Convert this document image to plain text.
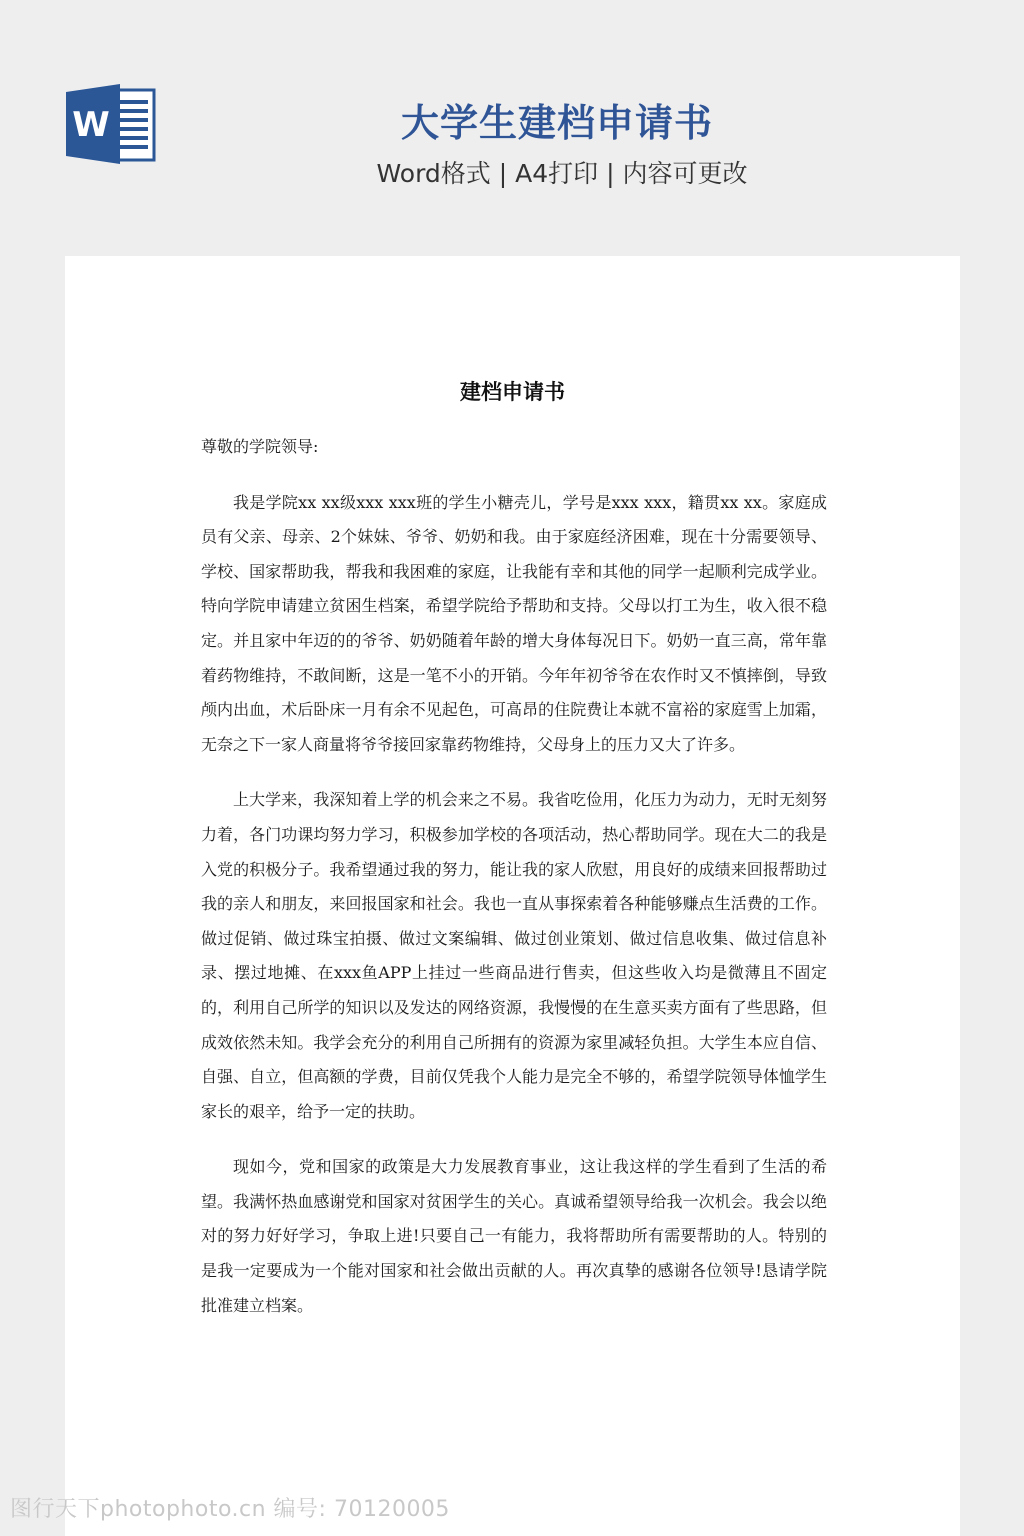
W	大学生建档申请书
Word格式 | A4打印 | 内容可更改
建档申请书

尊敬的学院领导:

我是学院xx xx级xxx xxx班的学生小糖壳儿，学号是xxx xxx，籍贯xx xx。家庭成员有父亲、母亲、2个妹妹、爷爷、奶奶和我。由于家庭经济困难，现在十分需要领导、学校、国家帮助我，帮我和我困难的家庭，让我能有幸和其他的同学一起顺利完成学业。特向学院申请建立贫困生档案，希望学院给予帮助和支持。父母以打工为生，收入很不稳定。并且家中年迈的的爷爷、奶奶随着年龄的增大身体每况日下。奶奶一直三高，常年靠着药物维持，不敢间断，这是一笔不小的开销。今年年初爷爷在农作时又不慎摔倒，导致颅内出血，术后卧床一月有余不见起色，可高昂的住院费让本就不富裕的家庭雪上加霜，无奈之下一家人商量将爷爷接回家靠药物维持，父母身上的压力又大了许多。

上大学来，我深知着上学的机会来之不易。我省吃俭用，化压力为动力，无时无刻努力着，各门功课均努力学习，积极参加学校的各项活动，热心帮助同学。现在大二的我是入党的积极分子。我希望通过我的努力，能让我的家人欣慰，用良好的成绩来回报帮助过我的亲人和朋友，来回报国家和社会。我也一直从事探索着各种能够赚点生活费的工作。做过促销、做过珠宝拍摄、做过文案编辑、做过创业策划、做过信息收集、做过信息补录、摆过地摊、在xxx鱼APP上挂过一些商品进行售卖，但这些收入均是微薄且不固定的，利用自己所学的知识以及发达的网络资源，我慢慢的在生意买卖方面有了些思路，但成效依然未知。我学会充分的利用自己所拥有的资源为家里减轻负担。大学生本应自信、自强、自立，但高额的学费，目前仅凭我个人能力是完全不够的，希望学院领导体恤学生家长的艰辛，给予一定的扶助。

现如今，党和国家的政策是大力发展教育事业，这让我这样的学生看到了生活的希望。我满怀热血感谢党和国家对贫困学生的关心。真诚希望领导给我一次机会。我会以绝对的努力好好学习，争取上进!只要自己一有能力，我将帮助所有需要帮助的人。特别的是我一定要成为一个能对国家和社会做出贡献的人。再次真挚的感谢各位领导!恳请学院批准建立档案。

图行天下photophoto.cn 编号: 70120005
